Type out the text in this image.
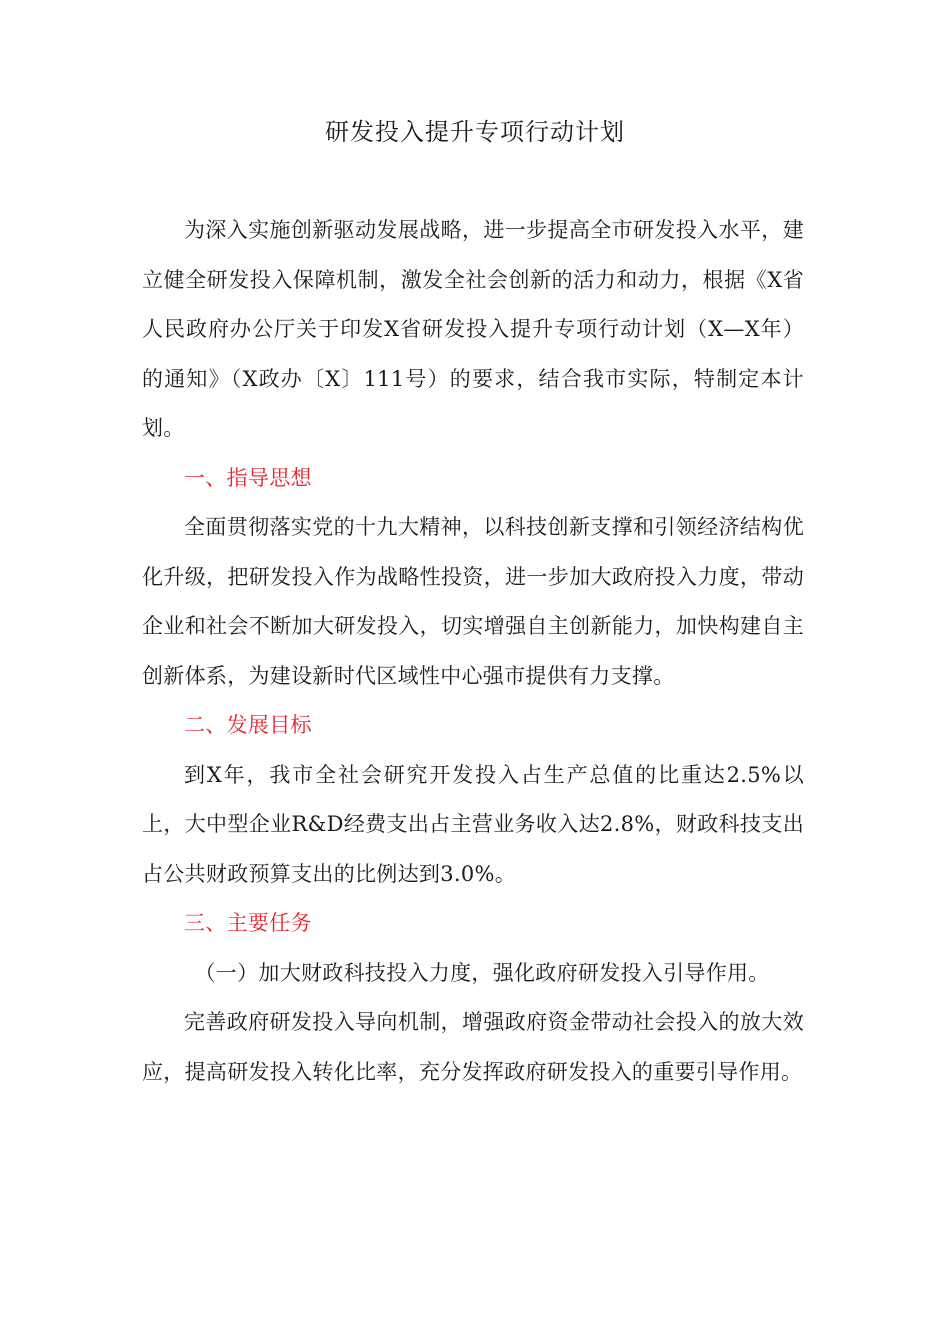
研发投入提升专项行动计划

为深入实施创新驱动发展战略，进一步提高全市研发投入水平，建立健全研发投入保障机制，激发全社会创新的活力和动力，根据《X省人民政府办公厅关于印发X省研发投入提升专项行动计划（X—X年）的通知》（X政办〔X〕111号）的要求，结合我市实际，特制定本计划。

一、指导思想

全面贯彻落实党的十九大精神，以科技创新支撑和引领经济结构优化升级，把研发投入作为战略性投资，进一步加大政府投入力度，带动企业和社会不断加大研发投入，切实增强自主创新能力，加快构建自主创新体系，为建设新时代区域性中心强市提供有力支撑。

二、发展目标

到X年，我市全社会研究开发投入占生产总值的比重达2.5%以上，大中型企业R&D经费支出占主营业务收入达2.8%，财政科技支出占公共财政预算支出的比例达到3.0%。

三、主要任务

（一）加大财政科技投入力度，强化政府研发投入引导作用。

完善政府研发投入导向机制，增强政府资金带动社会投入的放大效应，提高研发投入转化比率，充分发挥政府研发投入的重要引导作用。
